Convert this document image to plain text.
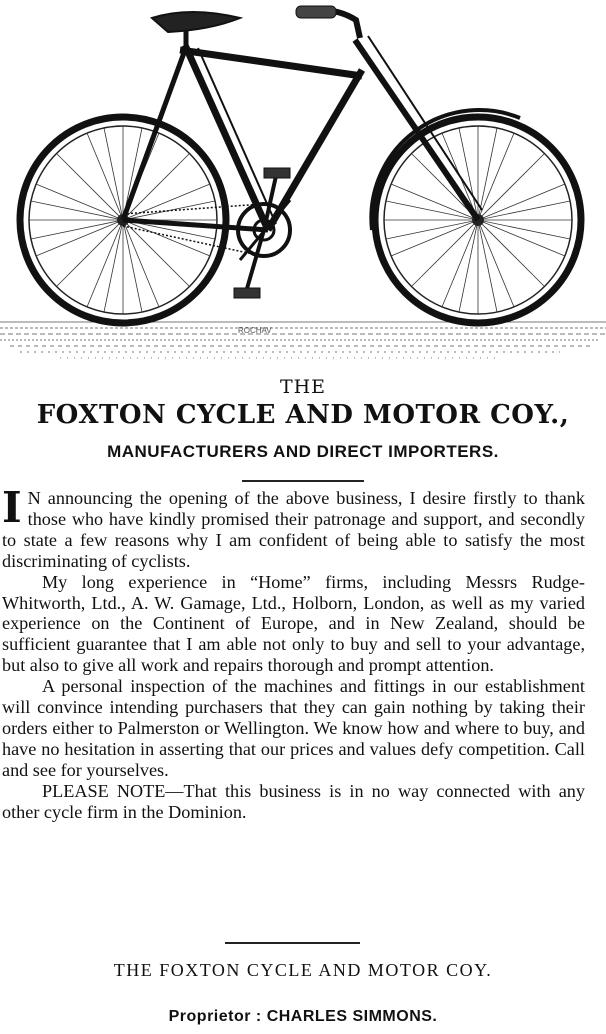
ROCHAV
THE
FOXTON CYCLE AND MOTOR COY.,
MANUFACTURERS AND DIRECT IMPORTERS.

I N announcing the opening of the above business, I desire firstly to thank those who have kindly promised their patronage and support, and secondly to state a few reasons why I am confident of being able to satisfy the most discriminating of cyclists.

My long experience in “Home” firms, including Messrs Rudge-Whitworth, Ltd., A. W. Gamage, Ltd., Holborn, London, as well as my varied experience on the Continent of Europe, and in New Zealand, should be sufficient guarantee that I am able not only to buy and sell to your advantage, but also to give all work and repairs thorough and prompt attention.

A personal inspection of the machines and fittings in our establishment will convince intending purchasers that they can gain nothing by taking their orders either to Palmerston or Wellington. We know how and where to buy, and have no hesitation in asserting that our prices and values defy competition. Call and see for yourselves.

PLEASE NOTE—That this business is in no way connected with any other cycle firm in the Dominion.

THE FOXTON CYCLE AND MOTOR COY.
Proprietor : CHARLES SIMMONS.
